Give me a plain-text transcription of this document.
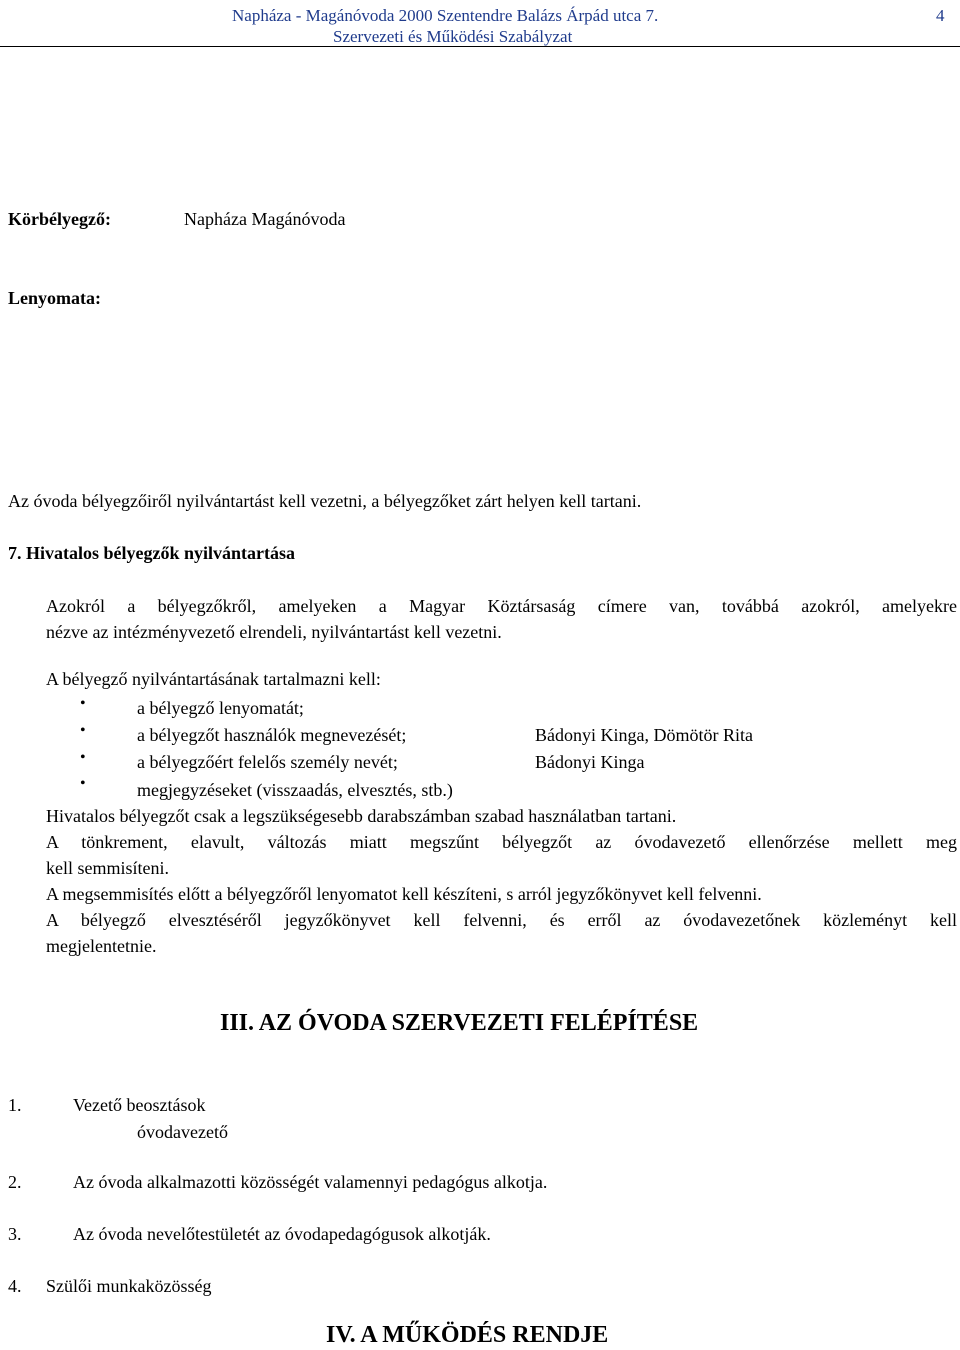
Napháza - Magánóvoda 2000 Szentendre Balázs Árpád utca 7.	4
Szervezeti és Működési Szabályzat
Körbélyegző:	Napháza Magánóvoda
Lenyomata:
Az óvoda bélyegzőiről nyilvántartást kell vezetni, a bélyegzőket zárt helyen kell tartani.
7. Hivatalos bélyegzők nyilvántartása
Azokról a bélyegzőkről, amelyeken a Magyar Köztársaság címere van, továbbá azokról, amelyekre
nézve az intézményvezető elrendeli, nyilvántartást kell vezetni.
A bélyegző nyilvántartásának tartalmazni kell:
•	a bélyegző lenyomatát;
•	a bélyegzőt használók megnevezését;	Bádonyi Kinga, Dömötör Rita
•	a bélyegzőért felelős személy nevét;	Bádonyi Kinga
•	megjegyzéseket (visszaadás, elvesztés, stb.)
Hivatalos bélyegzőt csak a legszükségesebb darabszámban szabad használatban tartani.
A tönkrement, elavult, változás miatt megszűnt bélyegzőt az óvodavezető ellenőrzése mellett meg
kell semmisíteni.
A megsemmisítés előtt a bélyegzőről lenyomatot kell készíteni, s arról jegyzőkönyvet kell felvenni.
A bélyegző elvesztéséről jegyzőkönyvet kell felvenni, és erről az óvodavezetőnek közleményt kell
megjelentetnie.
III. AZ ÓVODA SZERVEZETI FELÉPÍTÉSE
1.	Vezető beosztások
óvodavezető
2.	Az óvoda alkalmazotti közösségét valamennyi pedagógus alkotja.
3.	Az óvoda nevelőtestületét az óvodapedagógusok alkotják.
4. Szülői munkaközösség
IV. A MŰKÖDÉS RENDJE
